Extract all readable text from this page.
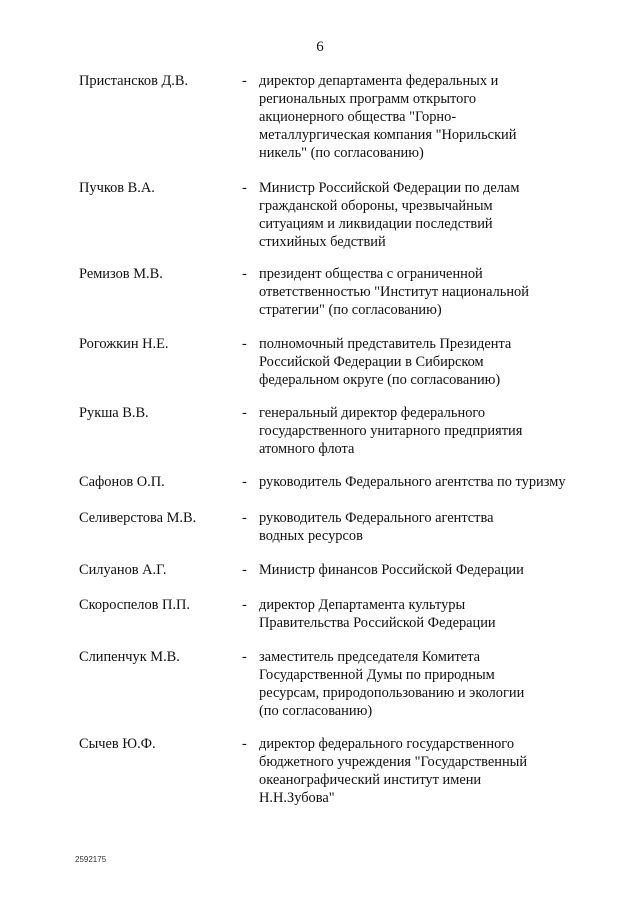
6
Пристансков Д.В.	- директор департамента федеральных и
региональных программ открытого
акционерного общества "Горно-
металлургическая компания "Норильский
никель" (по согласованию)
Пучков В.А.	- Министр Российской Федерации по делам
гражданской обороны, чрезвычайным
ситуациям и ликвидации последствий
стихийных бедствий
Ремизов М.В.	- президент общества с ограниченной
ответственностью "Институт национальной
стратегии" (по согласованию)
Рогожкин Н.Е.	- полномочный представитель Президента
Российской Федерации в Сибирском
федеральном округе (по согласованию)
Рукша В.В.	- генеральный директор федерального
государственного унитарного предприятия
атомного флота
Сафонов О.П.	- руководитель Федерального агентства по туризму
Селиверстова М.В.	- руководитель Федерального агентства
водных ресурсов
Силуанов А.Г.	- Министр финансов Российской Федерации
Скороспелов П.П.	- директор Департамента культуры
Правительства Российской Федерации
Слипенчук М.В.	- заместитель председателя Комитета
Государственной Думы по природным
ресурсам, природопользованию и экологии
(по согласованию)
Сычев Ю.Ф.	- директор федерального государственного
бюджетного учреждения "Государственный
океанографический институт имени
Н.Н.Зубова"
2592175
